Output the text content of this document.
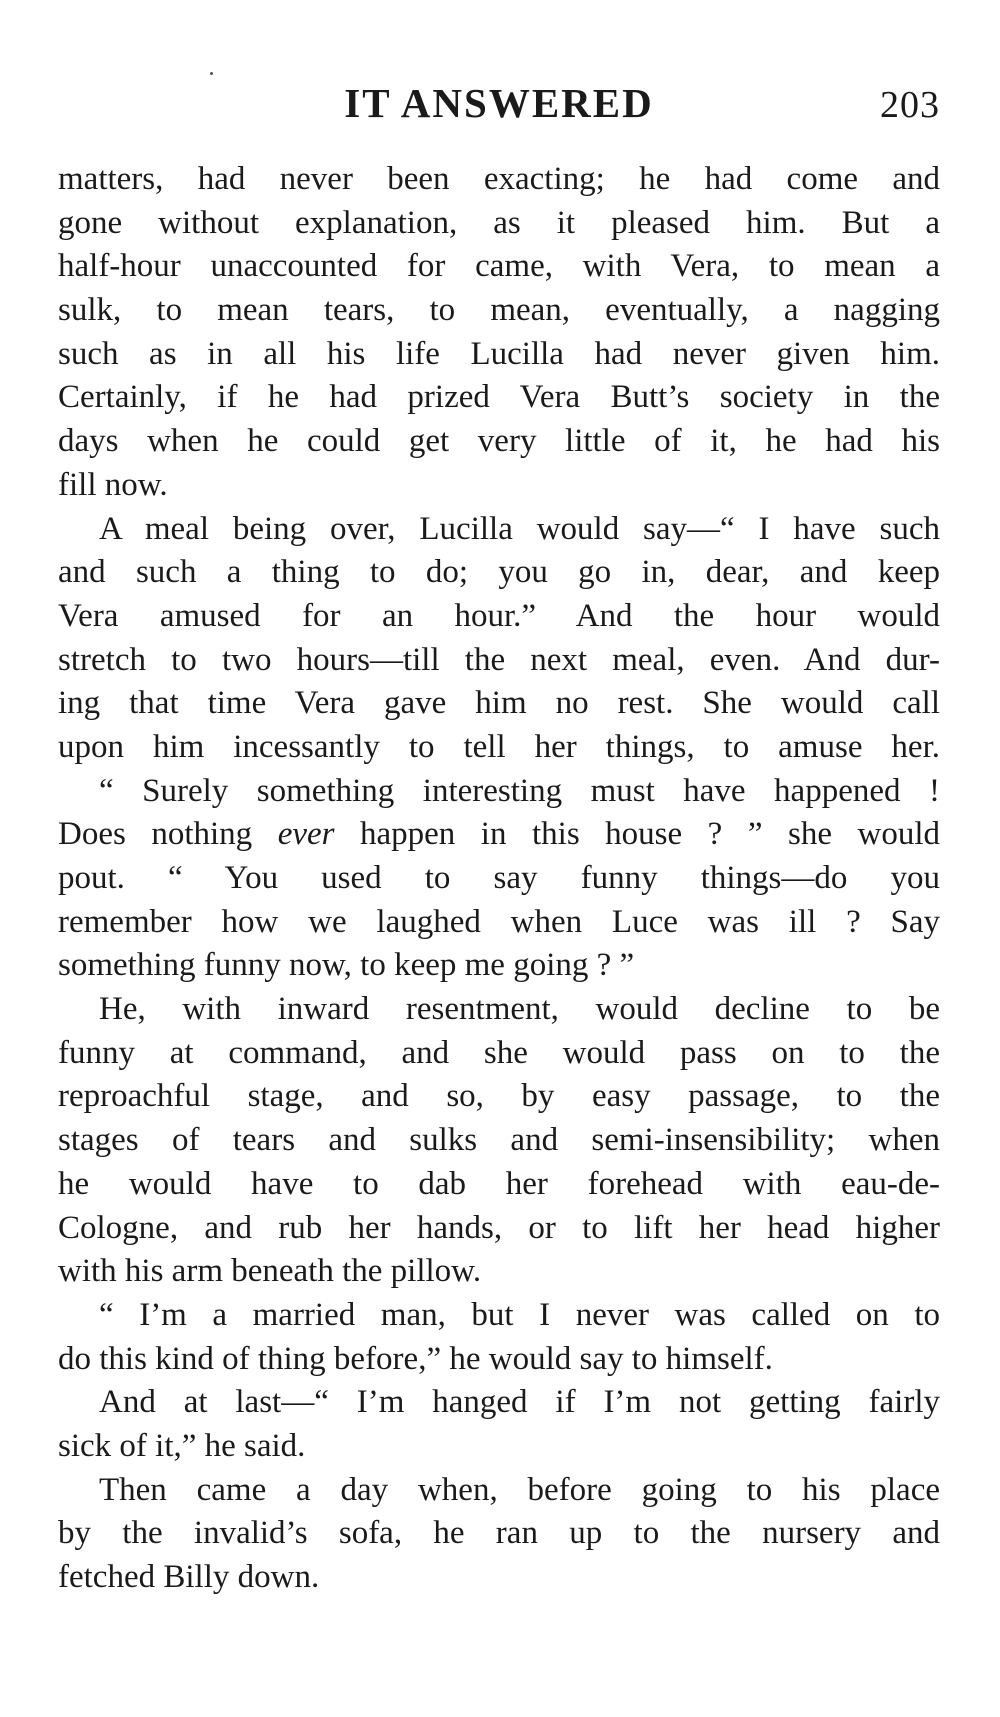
IT ANSWERED	203
matters, had never been exacting; he had come and
gone without explanation, as it pleased him. But a
half-hour unaccounted for came, with Vera, to mean a
sulk, to mean tears, to mean, eventually, a nagging
such as in all his life Lucilla had never given him.
Certainly, if he had prized Vera Butt’s society in the
days when he could get very little of it, he had his
fill now.
A meal being over, Lucilla would say—“ I have such
and such a thing to do; you go in, dear, and keep
Vera amused for an hour.” And the hour would
stretch to two hours—till the next meal, even. And dur-
ing that time Vera gave him no rest. She would call
upon him incessantly to tell her things, to amuse her.
“ Surely something interesting must have happened !
Does nothing ever happen in this house ? ” she would
pout. “ You used to say funny things—do you
remember how we laughed when Luce was ill ? Say
something funny now, to keep me going ? ”
He, with inward resentment, would decline to be
funny at command, and she would pass on to the
reproachful stage, and so, by easy passage, to the
stages of tears and sulks and semi-insensibility; when
he would have to dab her forehead with eau-de-
Cologne, and rub her hands, or to lift her head higher
with his arm beneath the pillow.
“ I’m a married man, but I never was called on to
do this kind of thing before,” he would say to himself.
And at last—“ I’m hanged if I’m not getting fairly
sick of it,” he said.
Then came a day when, before going to his place
by the invalid’s sofa, he ran up to the nursery and
fetched Billy down.
